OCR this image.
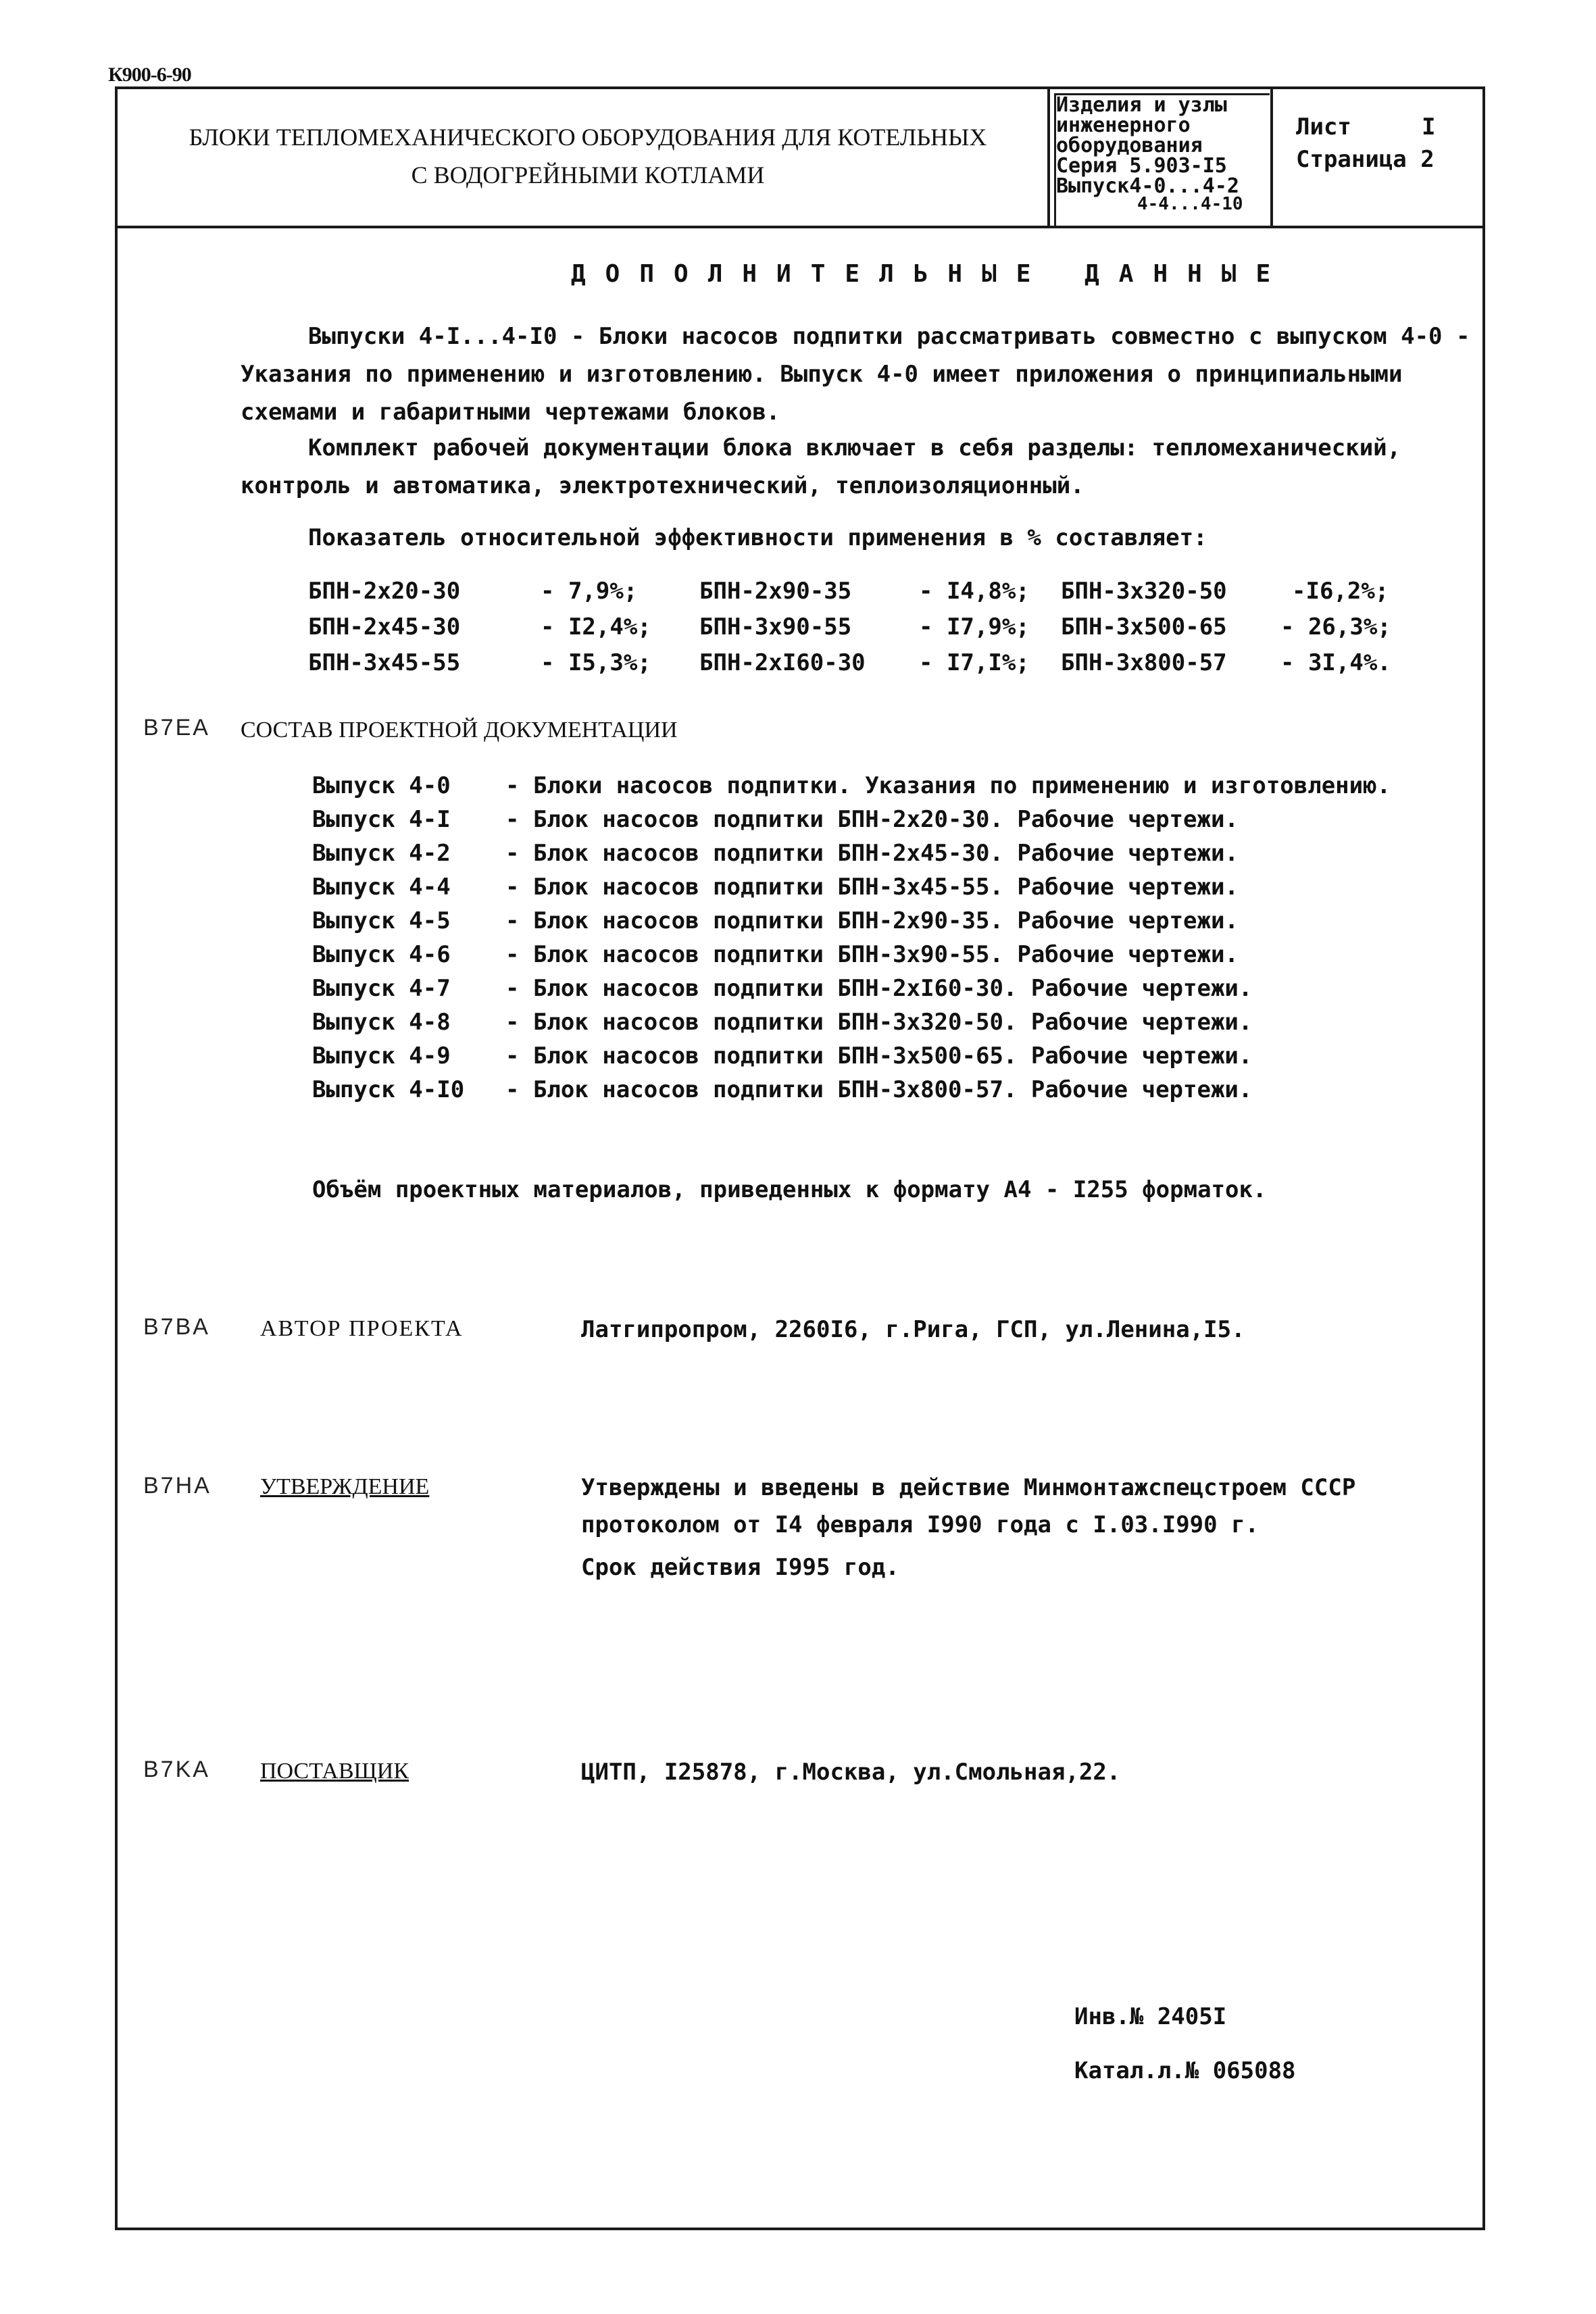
К900-6-90
БЛОКИ ТЕПЛОМЕХАНИЧЕСКОГО ОБОРУДОВАНИЯ ДЛЯ КОТЕЛЬНЫХ
С ВОДОГРЕЙНЫМИ КОТЛАМИ
Изделия и узлы
инженерного
оборудования
Серия 5.903-I5
Выпуск4-0...4-2
4-4...4-10
Лист	I
Страница 2
ДОПОЛНИТЕЛЬНЫЕ ДАННЫЕ
Выпуски 4-I...4-I0 - Блоки насосов подпитки рассматривать совместно с выпуском 4-0 -
Указания по применению и изготовлению. Выпуск 4-0 имеет приложения о принципиальными
схемами и габаритными чертежами блоков.
Комплект рабочей документации блока включает в себя разделы: тепломеханический,
контроль и автоматика, электротехнический, теплоизоляционный.
Показатель относительной эффективности применения в % составляет:
БПН-2х20-30	- 7,9%;	БПН-2х90-35	- I4,8%; БПН-3х320-50	-I6,2%;
БПН-2х45-30	- I2,4%; БПН-3х90-55	- I7,9%; БПН-3х500-65 - 26,3%;
БПН-3х45-55	- I5,3%; БПН-2хI60-30 - I7,I%; БПН-3х800-57 - 3I,4%.
B7EA СОСТАВ ПРОЕКТНОЙ ДОКУМЕНТАЦИИ
Выпуск 4-0 - Блоки насосов подпитки. Указания по применению и изготовлению.
Выпуск 4-I - Блок насосов подпитки БПН-2х20-30. Рабочие чертежи.
Выпуск 4-2 - Блок насосов подпитки БПН-2х45-30. Рабочие чертежи.
Выпуск 4-4 - Блок насосов подпитки БПН-3х45-55. Рабочие чертежи.
Выпуск 4-5 - Блок насосов подпитки БПН-2х90-35. Рабочие чертежи.
Выпуск 4-6 - Блок насосов подпитки БПН-3х90-55. Рабочие чертежи.
Выпуск 4-7 - Блок насосов подпитки БПН-2хI60-30. Рабочие чертежи.
Выпуск 4-8 - Блок насосов подпитки БПН-3х320-50. Рабочие чертежи.
Выпуск 4-9 - Блок насосов подпитки БПН-3х500-65. Рабочие чертежи.
Выпуск 4-I0 - Блок насосов подпитки БПН-3х800-57. Рабочие чертежи.
Объём проектных материалов, приведенных к формату А4 - I255 форматок.
B7BA АВТОР ПРОЕКТА	Латгипропром, 2260I6, г.Рига, ГСП, ул.Ленина,I5.
B7HA УТВЕРЖДЕНИЕ	Утверждены и введены в действие Минмонтажспецстроем СССР
протоколом от I4 февраля I990 года с I.03.I990 г.
Срок действия I995 год.
B7KA ПОСТАВЩИК	ЦИТП, I25878, г.Москва, ул.Смольная,22.
Инв.№ 2405I
Катал.л.№ 065088
